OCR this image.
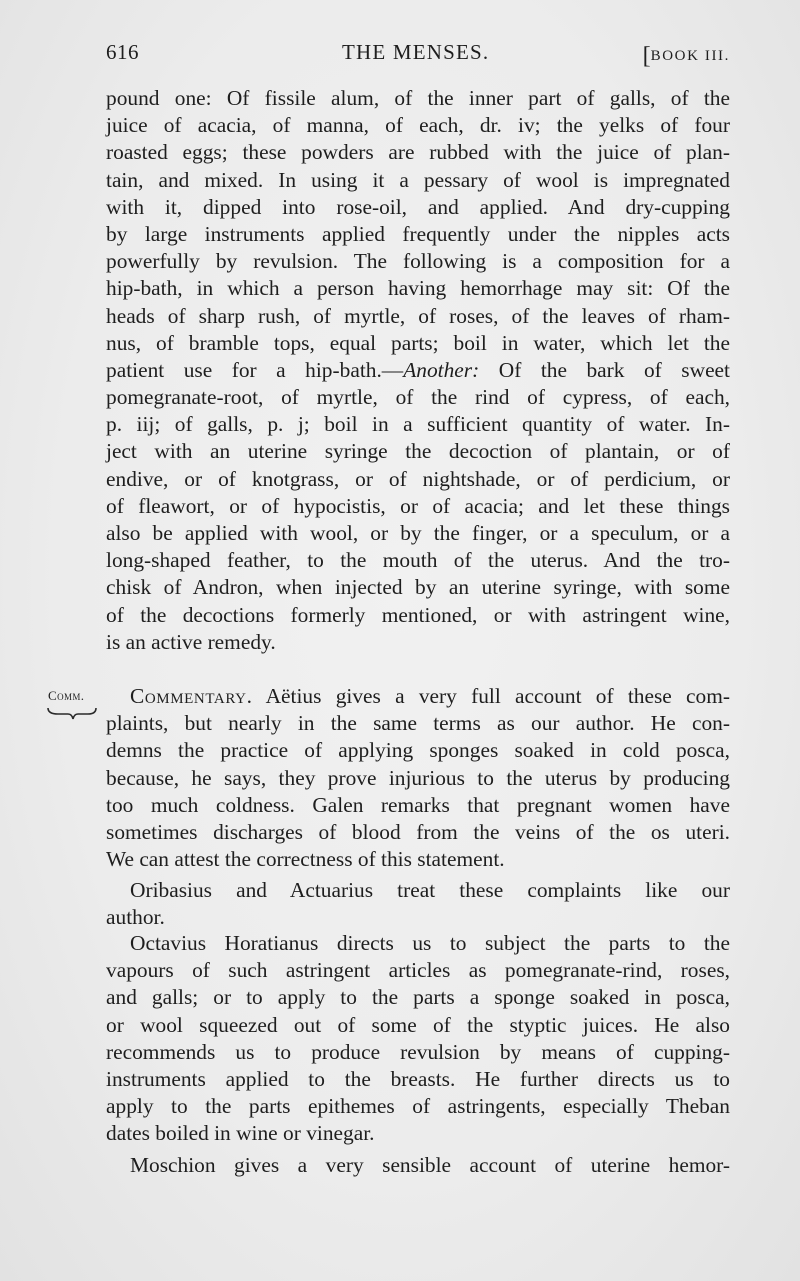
616	THE MENSES.	[BOOK III.
pound one: Of fissile alum, of the inner part of galls, of the
juice of acacia, of manna, of each, dr. iv; the yelks of four
roasted eggs; these powders are rubbed with the juice of plan-
tain, and mixed. In using it a pessary of wool is impregnated
with it, dipped into rose-oil, and applied. And dry-cupping
by large instruments applied frequently under the nipples acts
powerfully by revulsion. The following is a composition for a
hip-bath, in which a person having hemorrhage may sit: Of the
heads of sharp rush, of myrtle, of roses, of the leaves of rham-
nus, of bramble tops, equal parts; boil in water, which let the
patient use for a hip-bath.—Another: Of the bark of sweet
pomegranate-root, of myrtle, of the rind of cypress, of each,
p. iij; of galls, p. j; boil in a sufficient quantity of water. In-
ject with an uterine syringe the decoction of plantain, or of
endive, or of knotgrass, or of nightshade, or of perdicium, or
of fleawort, or of hypocistis, or of acacia; and let these things
also be applied with wool, or by the finger, or a speculum, or a
long-shaped feather, to the mouth of the uterus. And the tro-
chisk of Andron, when injected by an uterine syringe, with some
of the decoctions formerly mentioned, or with astringent wine,
is an active remedy.
Comm.	Commentary. Aëtius gives a very full account of these com-
plaints, but nearly in the same terms as our author. He con-
demns the practice of applying sponges soaked in cold posca,
because, he says, they prove injurious to the uterus by producing
too much coldness. Galen remarks that pregnant women have
sometimes discharges of blood from the veins of the os uteri.
We can attest the correctness of this statement.
Oribasius and Actuarius treat these complaints like our
author.
Octavius Horatianus directs us to subject the parts to the
vapours of such astringent articles as pomegranate-rind, roses,
and galls; or to apply to the parts a sponge soaked in posca,
or wool squeezed out of some of the styptic juices. He also
recommends us to produce revulsion by means of cupping-
instruments applied to the breasts. He further directs us to
apply to the parts epithemes of astringents, especially Theban
dates boiled in wine or vinegar.
Moschion gives a very sensible account of uterine hemor-
